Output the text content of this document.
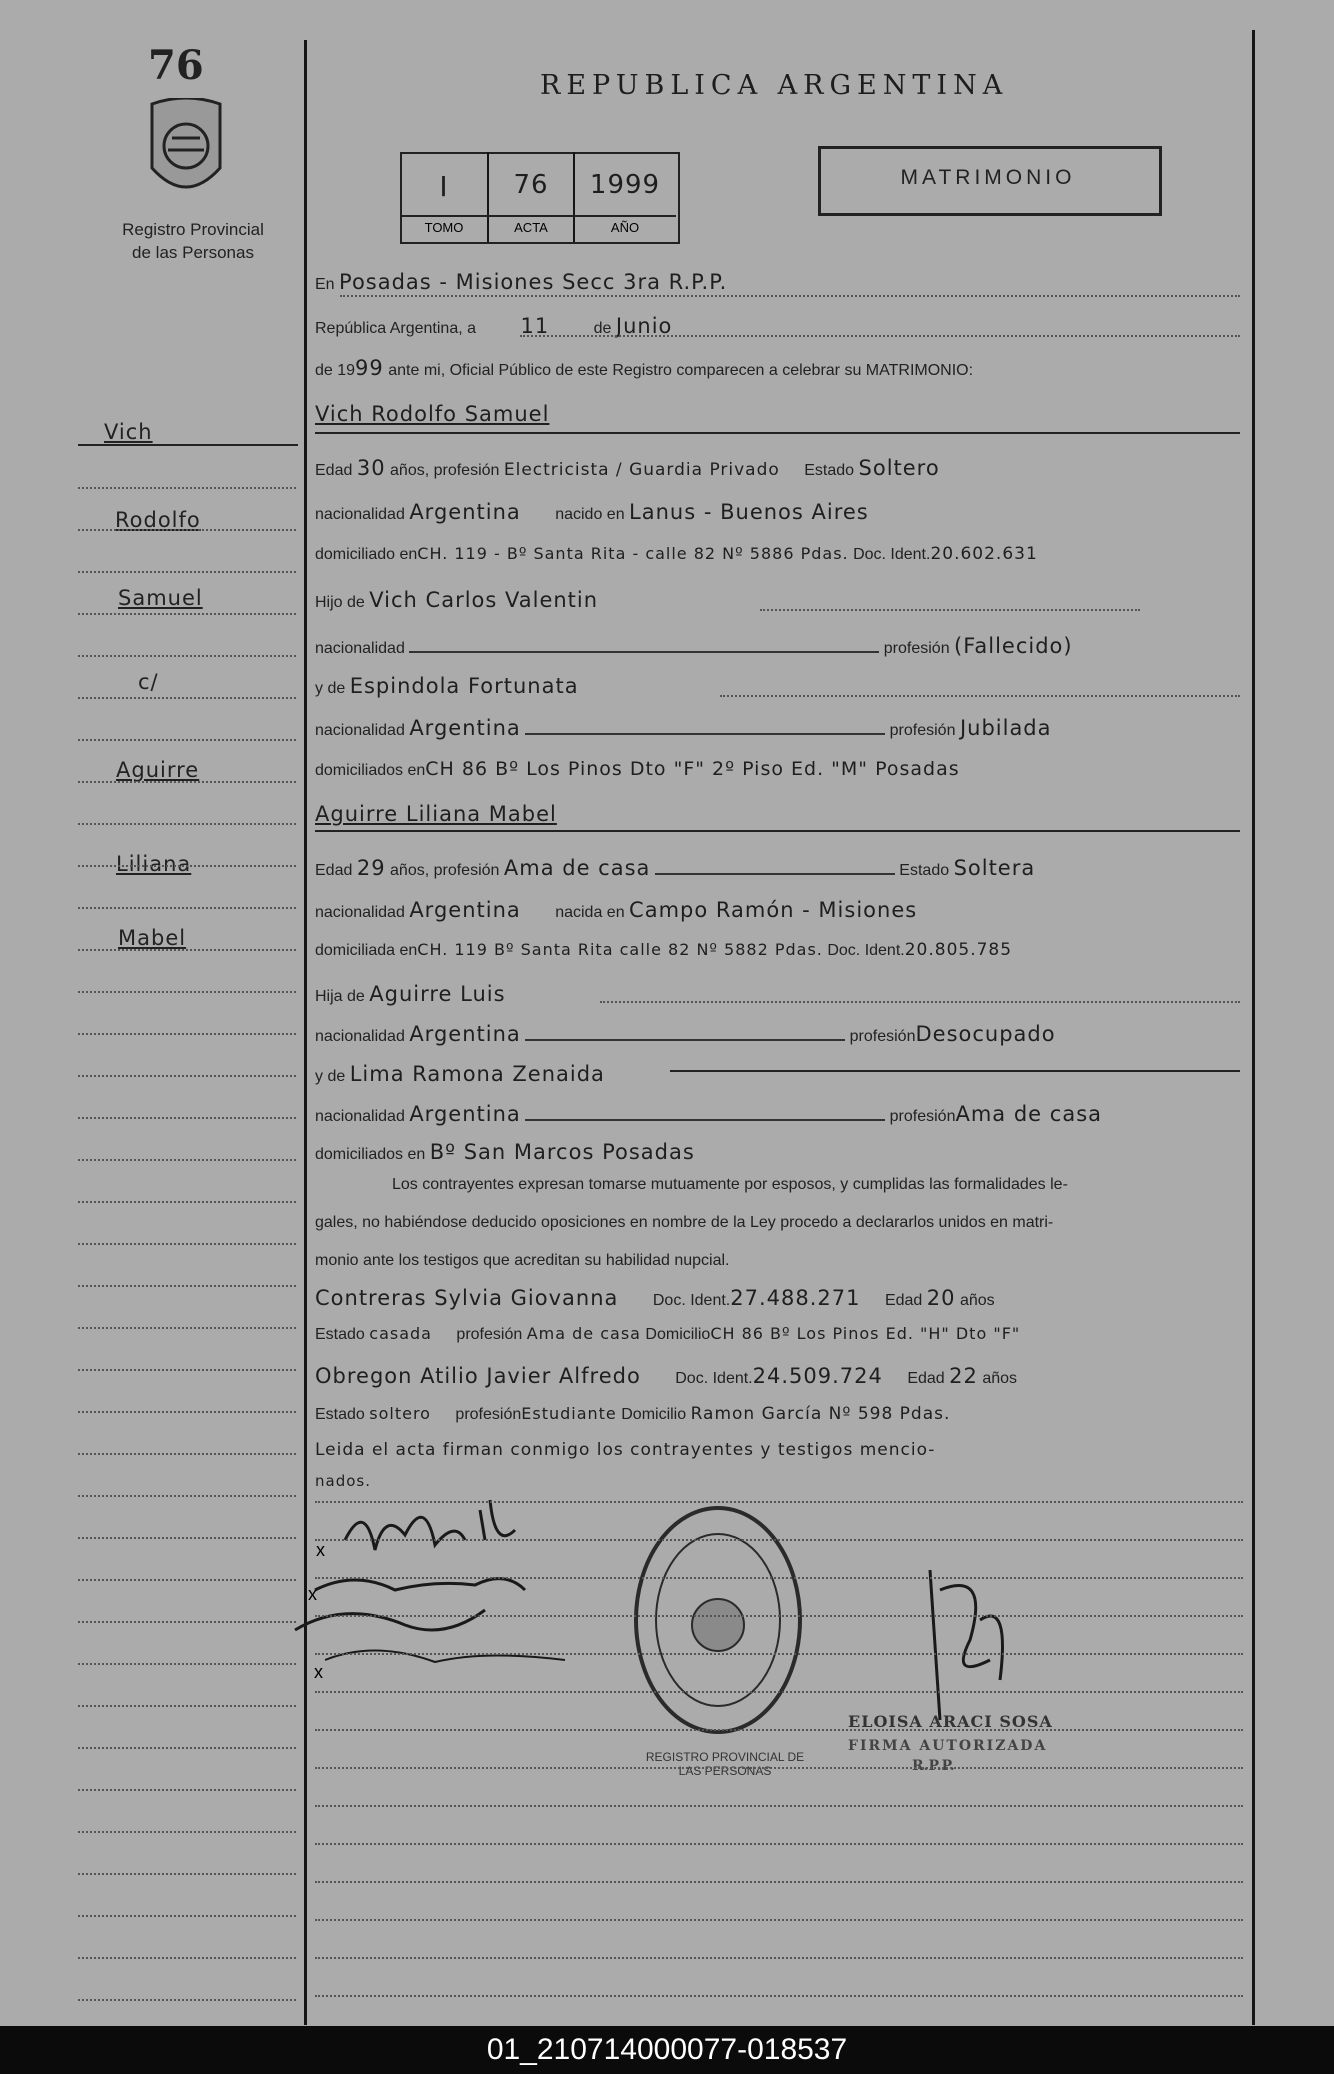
76
Registro Provincial
de las Personas
REPUBLICA ARGENTINA
I	76	1999
TOMO	ACTA	AÑO
MATRIMONIO
En Posadas - Misiones Secc 3ra R.P.P.
República Argentina, a 11	de Junio
de 1999 ante mi, Oficial Público de este Registro comparecen a celebrar su MATRIMONIO:
Vich Rodolfo Samuel
Edad 30 años, profesión Electricista / Guardia Privado Estado Soltero
nacionalidad Argentina nacido en Lanus - Buenos Aires
domiciliado enCH. 119 - Bº Santa Rita - calle 82 Nº 5886 Pdas. Doc. Ident.20.602.631
Hijo de Vich Carlos Valentin
nacionalidad	profesión (Fallecido)
y de Espindola Fortunata
nacionalidad Argentina	profesión Jubilada
domiciliados enCH 86 Bº Los Pinos Dto "F" 2º Piso Ed. "M" Posadas
Aguirre Liliana Mabel
Edad 29 años, profesión Ama de casa	Estado Soltera
nacionalidad Argentina nacida en Campo Ramón - Misiones
domiciliada enCH. 119 Bº Santa Rita calle 82 Nº 5882 Pdas. Doc. Ident.20.805.785
Hija de Aguirre Luis
nacionalidad Argentina	profesiónDesocupado
y de Lima Ramona Zenaida
nacionalidad Argentina	profesiónAma de casa
domiciliados en Bº San Marcos Posadas
Los contrayentes expresan tomarse mutuamente por esposos, y cumplidas las formalidades le-
gales, no habiéndose deducido oposiciones en nombre de la Ley procedo a declararlos unidos en matri-
monio ante los testigos que acreditan su habilidad nupcial.
Contreras Sylvia Giovanna Doc. Ident.27.488.271 Edad 20 años
Estado casada profesión Ama de casa DomicilioCH 86 Bº Los Pinos Ed. "H" Dto "F"
Obregon Atilio Javier Alfredo Doc. Ident.24.509.724 Edad 22 años
Estado soltero profesiónEstudiante Domicilio Ramon García Nº 598 Pdas.
Leida el acta firman conmigo los contrayentes y testigos mencio-
nados.
x
x
x
REGISTRO PROVINCIAL DE LAS PERSONAS
ELOISA ARACI SOSA
FIRMA AUTORIZADA
R.P.P.
Vich
Rodolfo
Samuel
c/
Aguirre
Liliana
Mabel
01_210714000077-018537
